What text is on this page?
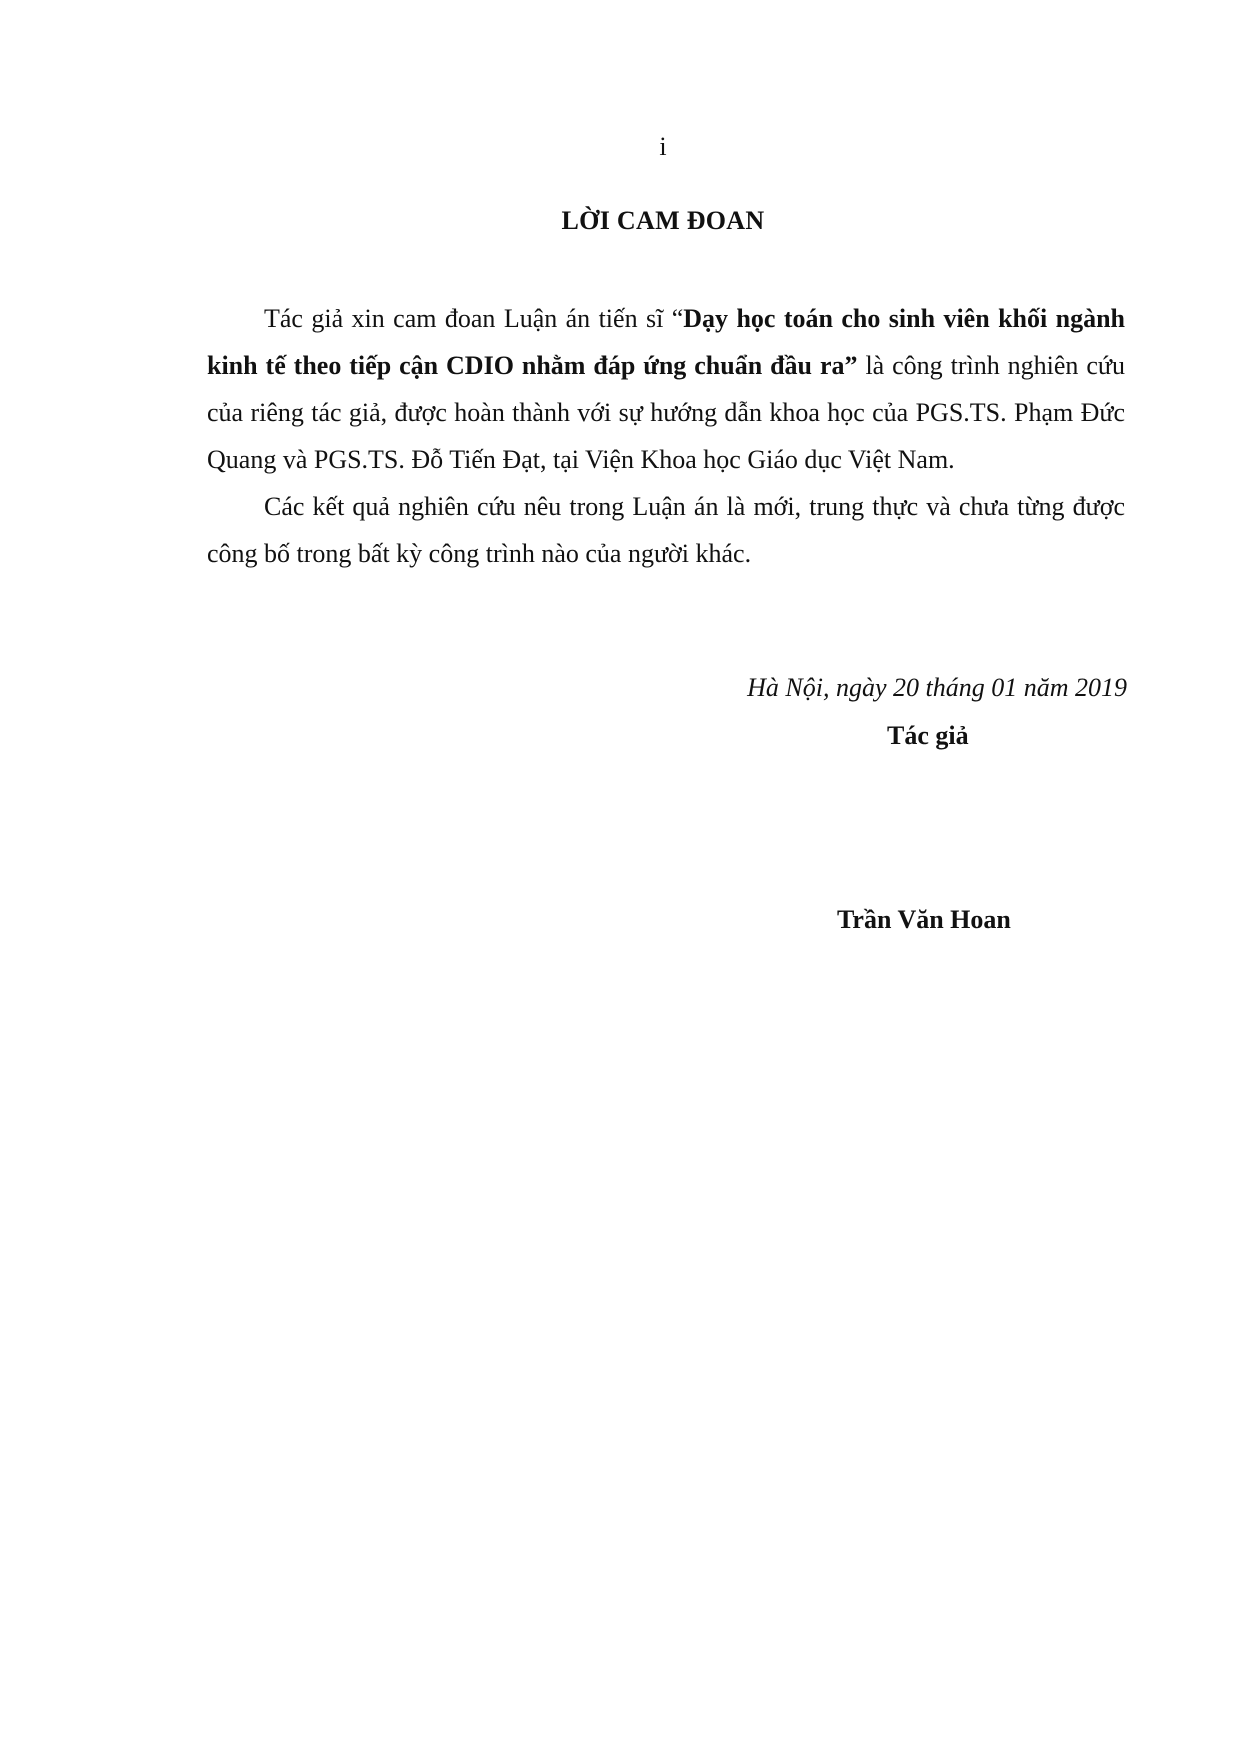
i
LỜI CAM ĐOAN

Tác giả xin cam đoan Luận án tiến sĩ “Dạy học toán cho sinh viên khối ngành kinh tế theo tiếp cận CDIO nhằm đáp ứng chuẩn đầu ra” là công trình nghiên cứu của riêng tác giả, được hoàn thành với sự hướng dẫn khoa học của PGS.TS. Phạm Đức Quang và PGS.TS. Đỗ Tiến Đạt, tại Viện Khoa học Giáo dục Việt Nam.

Các kết quả nghiên cứu nêu trong Luận án là mới, trung thực và chưa từng được công bố trong bất kỳ công trình nào của người khác.

Hà Nội, ngày 20 tháng 01 năm 2019
Tác giả
Trần Văn Hoan
